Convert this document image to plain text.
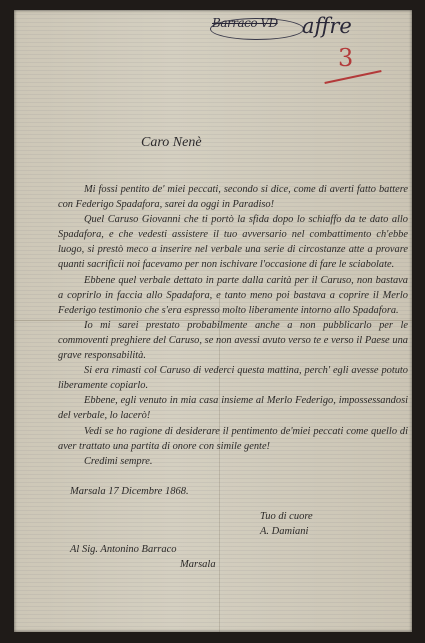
Barraco VD affre
3
Caro Nenè

Mi fossi pentito de' miei peccati, secondo si dice, come di averti fatto battere con Federigo Spadafora, sarei da oggi in Paradiso!

Quel Caruso Giovanni che ti portò la sfida dopo lo schiaffo da te dato allo Spadafora, e che vedesti assistere il tuo avversario nel combattimento ch'ebbe luogo, si prestò meco a inserire nel verbale una serie di circostanze atte a provare quanti sacrificii noi facevamo per non ischivare l'occasione di fare le sciabolate.

Ebbene quel verbale dettato in parte dalla carità per il Caruso, non bastava a coprirlo in faccia allo Spadafora, e tanto meno poi bastava a coprire il Merlo Federigo testimonio che s'era espresso molto liberamente intorno allo Spadafora.

Io mi sarei prestato probabilmente anche a non pubblicarlo per le commoventi preghiere del Caruso, se non avessi avuto verso te e verso il Paese una grave responsabilità.

Si era rimasti col Caruso di vederci questa mattina, perch' egli avesse potuto liberamente copiarlo.

Ebbene, egli venuto in mia casa insieme al Merlo Federigo, impossessandosi del verbale, lo lacerò!

Vedi se ho ragione di desiderare il pentimento de'miei peccati come quello di aver trattato una partita di onore con simile gente!

Credimi sempre.

Marsala 17 Dicembre 1868.
Tuo di cuore
A. Damiani
Al Sig. Antonino Barraco
Marsala
